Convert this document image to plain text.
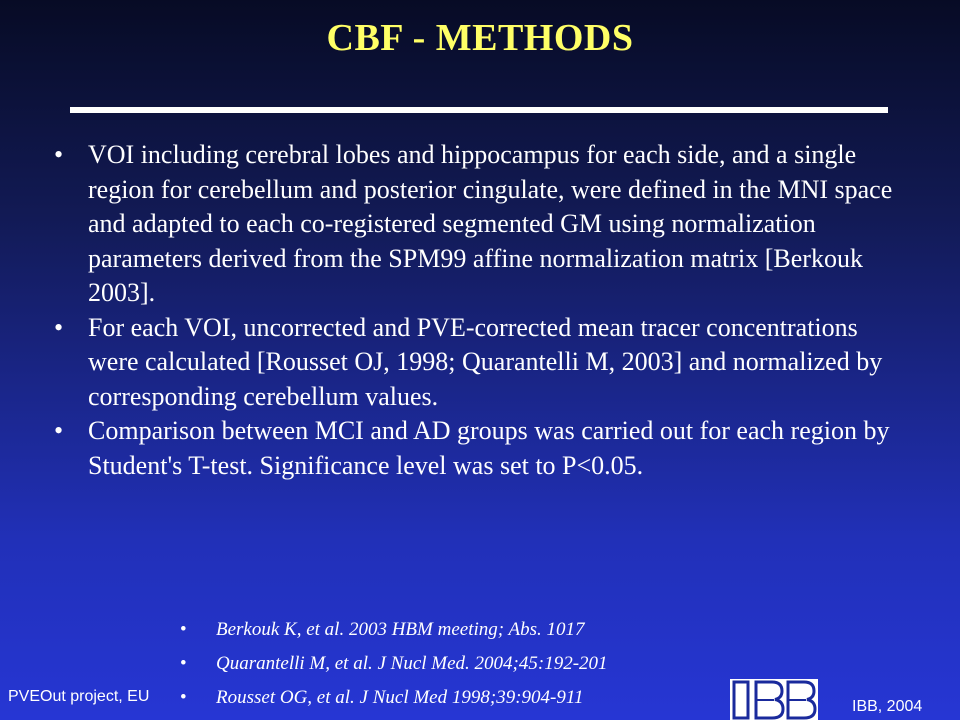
CBF - METHODS
• VOI including cerebral lobes and hippocampus for each side, and a single region for cerebellum and posterior cingulate, were defined in the MNI space and adapted to each co-registered segmented GM using normalization parameters derived from the SPM99 affine normalization matrix [Berkouk 2003].
• For each VOI, uncorrected and PVE-corrected mean tracer concentrations were calculated [Rousset OJ, 1998; Quarantelli M, 2003] and normalized by corresponding cerebellum values.
• Comparison between MCI and AD groups was carried out for each region by Student's T-test. Significance level was set to P<0.05.
• Berkouk K, et al. 2003 HBM meeting; Abs. 1017
• Quarantelli M, et al. J Nucl Med. 2004;45:192-201
• Rousset OG, et al. J Nucl Med 1998;39:904-911
PVEOut project, EU
IBB, 2004
